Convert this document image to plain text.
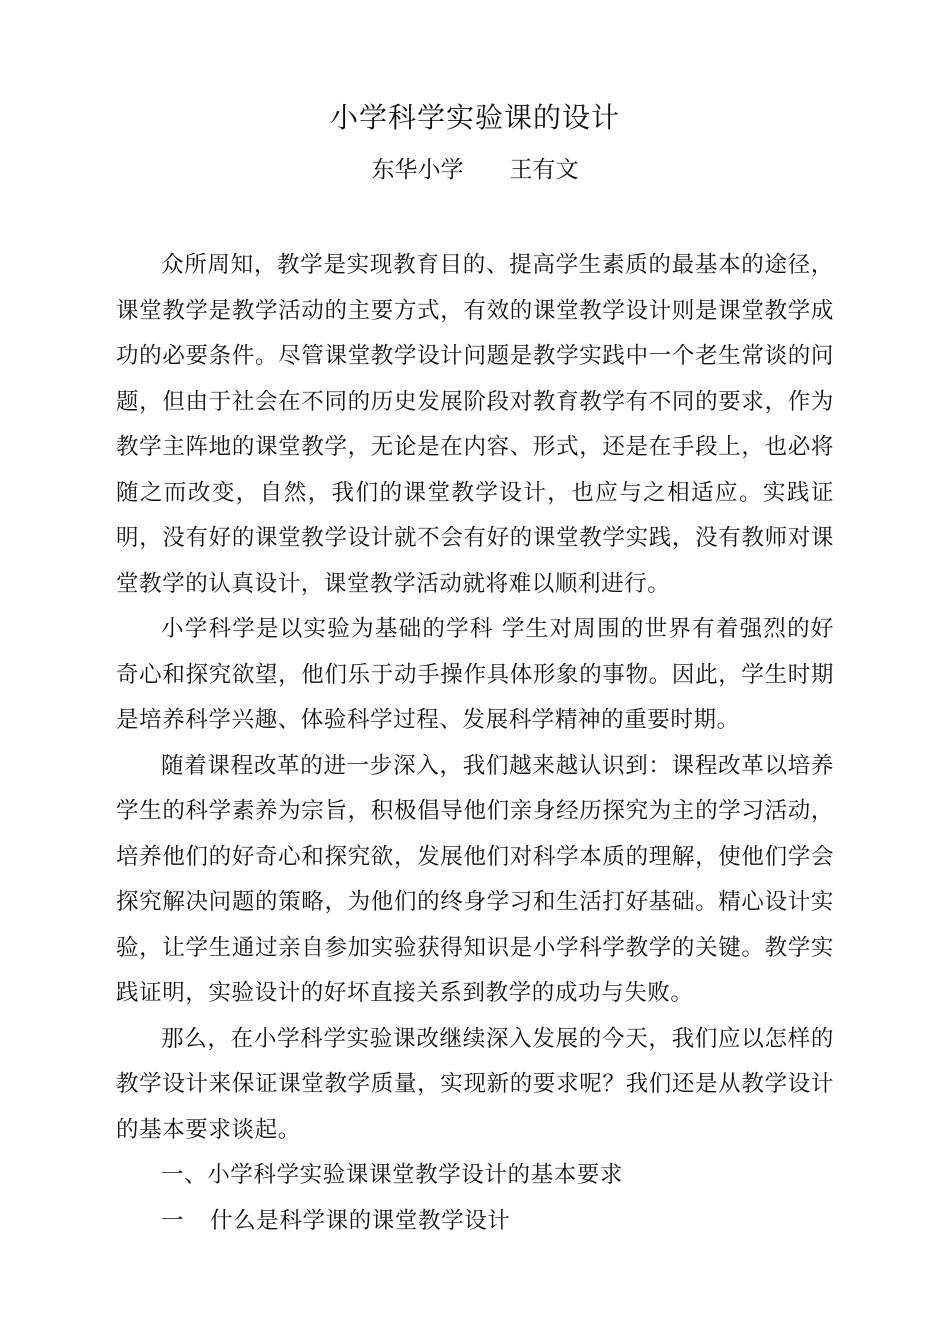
小学科学实验课的设计
东华小学 王有文

众所周知，教学是实现教育目的、提高学生素质的最基本的途径，课堂教学是教学活动的主要方式，有效的课堂教学设计则是课堂教学成功的必要条件。尽管课堂教学设计问题是教学实践中一个老生常谈的问题，但由于社会在不同的历史发展阶段对教育教学有不同的要求，作为教学主阵地的课堂教学，无论是在内容、形式，还是在手段上，也必将随之而改变，自然，我们的课堂教学设计，也应与之相适应。实践证明，没有好的课堂教学设计就不会有好的课堂教学实践，没有教师对课堂教学的认真设计，课堂教学活动就将难以顺利进行。

小学科学是以实验为基础的学科 学生对周围的世界有着强烈的好奇心和探究欲望，他们乐于动手操作具体形象的事物。因此，学生时期是培养科学兴趣、体验科学过程、发展科学精神的重要时期。

随着课程改革的进一步深入，我们越来越认识到：课程改革以培养学生的科学素养为宗旨，积极倡导他们亲身经历探究为主的学习活动，培养他们的好奇心和探究欲，发展他们对科学本质的理解，使他们学会探究解决问题的策略，为他们的终身学习和生活打好基础。精心设计实验，让学生通过亲自参加实验获得知识是小学科学教学的关键。教学实践证明，实验设计的好坏直接关系到教学的成功与失败。

那么，在小学科学实验课改继续深入发展的今天，我们应以怎样的教学设计来保证课堂教学质量，实现新的要求呢？我们还是从教学设计的基本要求谈起。

一、小学科学实验课课堂教学设计的基本要求

一 什么是科学课的课堂教学设计
